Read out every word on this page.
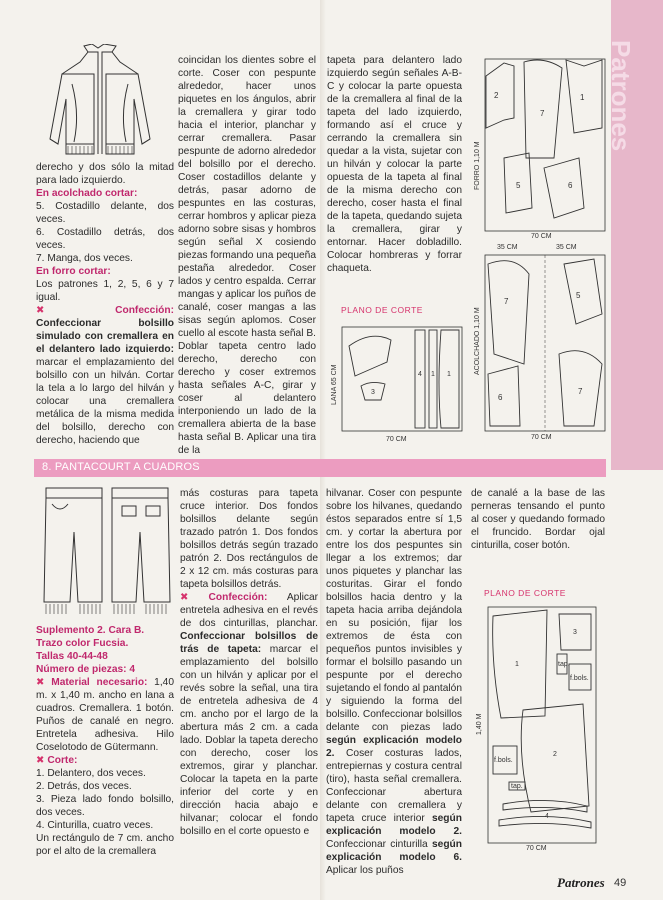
Patrones

derecho y dos sólo la mitad para lado izquierdo.

En acolchado cortar:

5. Costadillo delante, dos veces.

6. Costadillo detrás, dos veces.

7. Manga, dos veces.

En forro cortar:

Los patrones 1, 2, 5, 6 y 7 igual.

✖	Confección: Confeccionar bolsillo simulado con cremallera en el delantero lado izquierdo: marcar el emplazamiento del bolsillo con un hilván. Cortar la tela a lo largo del hilván y colocar una cremallera metálica de la misma medida del bolsillo, derecho con derecho, haciendo que

coincidan los dientes sobre el corte. Coser con pespunte alrededor, hacer unos piquetes en los ángulos, abrir la cremallera y girar todo hacia el interior, planchar y cerrar cremallera. Pasar pespunte de adorno alrededor del bolsillo por el derecho. Coser costadillos delante y detrás, pasar adorno de pespuntes en las costuras, cerrar hombros y aplicar pieza adorno sobre sisas y hombros según señal X cosiendo piezas formando una pequeña pestaña alrededor. Coser lados y centro espalda. Cerrar mangas y aplicar los puños de canalé, coser mangas a las sisas según aplomos. Coser cuello al escote hasta señal B. Doblar tapeta centro lado derecho, derecho con derecho y coser extremos hasta señales A-C, girar y coser al delantero interponiendo un lado de la cremallera abierta de la base hasta señal B. Aplicar una tira de la

tapeta para delantero lado izquierdo según señales A-B-C y colocar la parte opuesta de la cremallera al final de la tapeta del lado izquierdo, formando así el cruce y cerrando la cremallera sin quedar a la vista, sujetar con un hilván y colocar la parte opuesta de la tapeta al final de la misma derecho con derecho, coser hasta el final de la tapeta, quedando sujeta la cremallera, girar y entornar. Hacer dobladillo. Colocar hombreras y forrar chaqueta.

FORRO 1,10 M
2
7
1
5	6
70 CM
35 CM	35 CM
ACOLCHADO 1,10 M
7
5
6
7
70 CM
PLANO DE CORTE
LANA 65 CM	3
4 1 1
70 CM
8. PANTACOURT A CUADROS

Suplemento 2. Cara B.

Trazo color Fucsia.

Tallas 40-44-48

Número de piezas: 4

✖ Material necesario: 1,40 m. x 1,40 m. ancho en lana a cuadros. Cremallera. 1 botón. Puños de canalé en negro. Entretela adhesiva. Hilo Coselotodo de Gütermann.

✖ Corte:

1. Delantero, dos veces.

2. Detrás, dos veces.

3. Pieza lado fondo bolsillo, dos veces.

4. Cinturilla, cuatro veces.

Un rectángulo de 7 cm. ancho por el alto de la cremallera

más costuras para tapeta cruce interior. Dos fondos bolsillos delante según trazado patrón 1. Dos fondos bolsillos detrás según trazado patrón 2. Dos rectángulos de 2 x 12 cm. más costuras para tapeta bolsillos detrás.

✖ Confección: Aplicar entretela adhesiva en el revés de dos cinturillas, planchar. Confeccionar bolsillos de trás de tapeta: marcar el emplazamiento del bolsillo con un hilván y aplicar por el revés sobre la señal, una tira de entretela adhesiva de 4 cm. ancho por el largo de la abertura más 2 cm. a cada lado. Doblar la tapeta derecho con derecho, coser los extremos, girar y planchar. Colocar la tapeta en la parte inferior del corte y en dirección hacia abajo e hilvanar; colocar el fondo bolsillo en el corte opuesto e

hilvanar. Coser con pespunte sobre los hilvanes, quedando éstos separados entre sí 1,5 cm. y cortar la abertura por entre los dos pespuntes sin llegar a los extremos; dar unos piquetes y planchar las costuritas. Girar el fondo bolsillos hacia dentro y la tapeta hacia arriba dejándola en su posición, fijar los extremos de ésta con pequeños puntos invisibles y formar el bolsillo pasando un pespunte por el derecho sujetando el fondo al pantalón y siguiendo la forma del bolsillo. Confeccionar bolsillos delante con piezas lado según explicación modelo 2. Coser costuras lados, entrepiernas y costura central (tiro), hasta señal cremallera. Confeccionar abertura delante con cremallera y tapeta cruce interior según explicación modelo 2. Confeccionar cinturilla según explicación modelo 6. Aplicar los puños

de canalé a la base de las perneras tensando el punto al coser y quedando formado el fruncido. Bordar ojal cinturilla, coser botón.

PLANO DE CORTE
1,40 M
3
tap.
f.bols.
1
f.bols.
2
tap.
4
70 CM
Patrones 49
